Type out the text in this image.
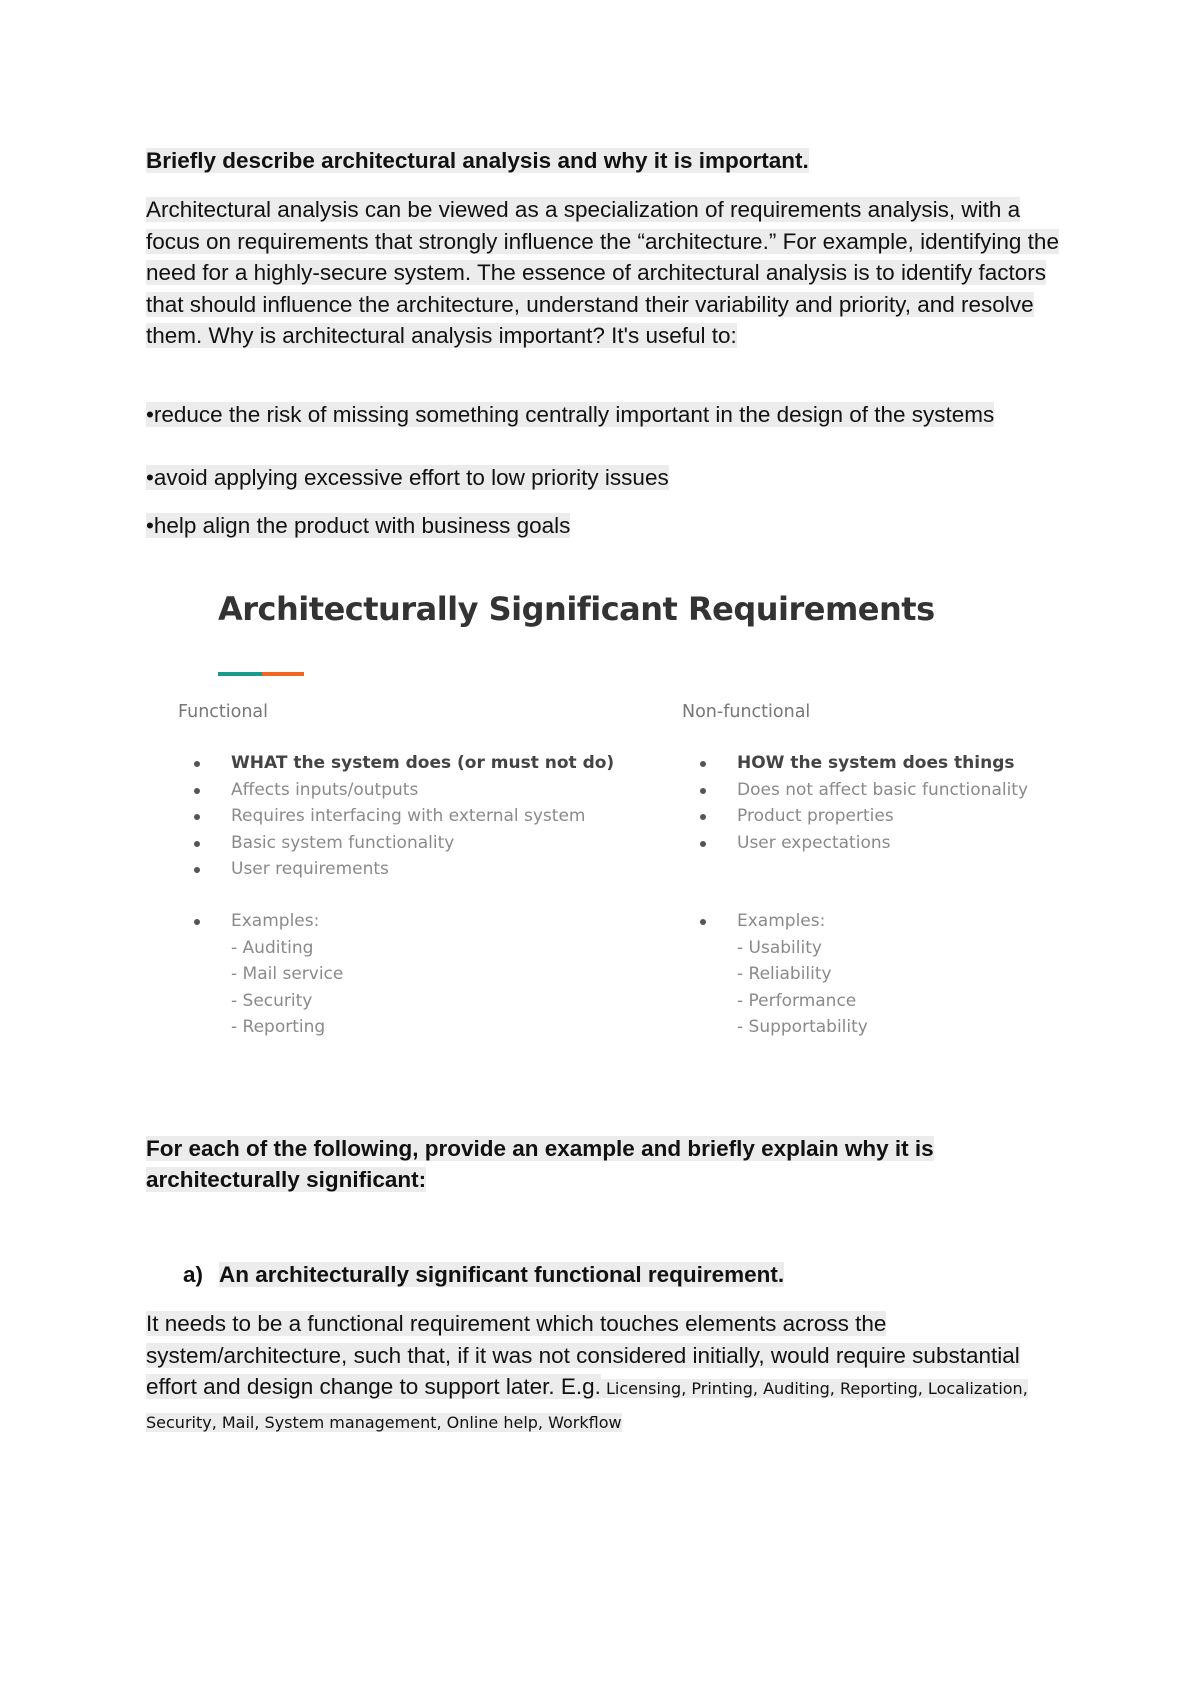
Briefly describe architectural analysis and why it is important.
Architectural analysis can be viewed as a specialization of requirements analysis, with a focus on requirements that strongly influence the “architecture.” For example, identifying the need for a highly-secure system. The essence of architectural analysis is to identify factors that should influence the architecture, understand their variability and priority, and resolve them. Why is architectural analysis important? It's useful to:
•reduce the risk of missing something centrally important in the design of the systems
•avoid applying excessive effort to low priority issues
•help align the product with business goals
Architecturally Significant Requirements
Functional
WHAT the system does (or must not do)
Affects inputs/outputs
Requires interfacing with external system
Basic system functionality
User requirements
Examples:
- Auditing
- Mail service
- Security
- Reporting
Non-functional
HOW the system does things
Does not affect basic functionality
Product properties
User expectations
Examples:
- Usability
- Reliability
- Performance
- Supportability
For each of the following, provide an example and briefly explain why it is architecturally significant:
a) An architecturally significant functional requirement.
It needs to be a functional requirement which touches elements across the system/architecture, such that, if it was not considered initially, would require substantial effort and design change to support later. E.g. Licensing, Printing, Auditing, Reporting, Localization, Security, Mail, System management, Online help, Workflow
